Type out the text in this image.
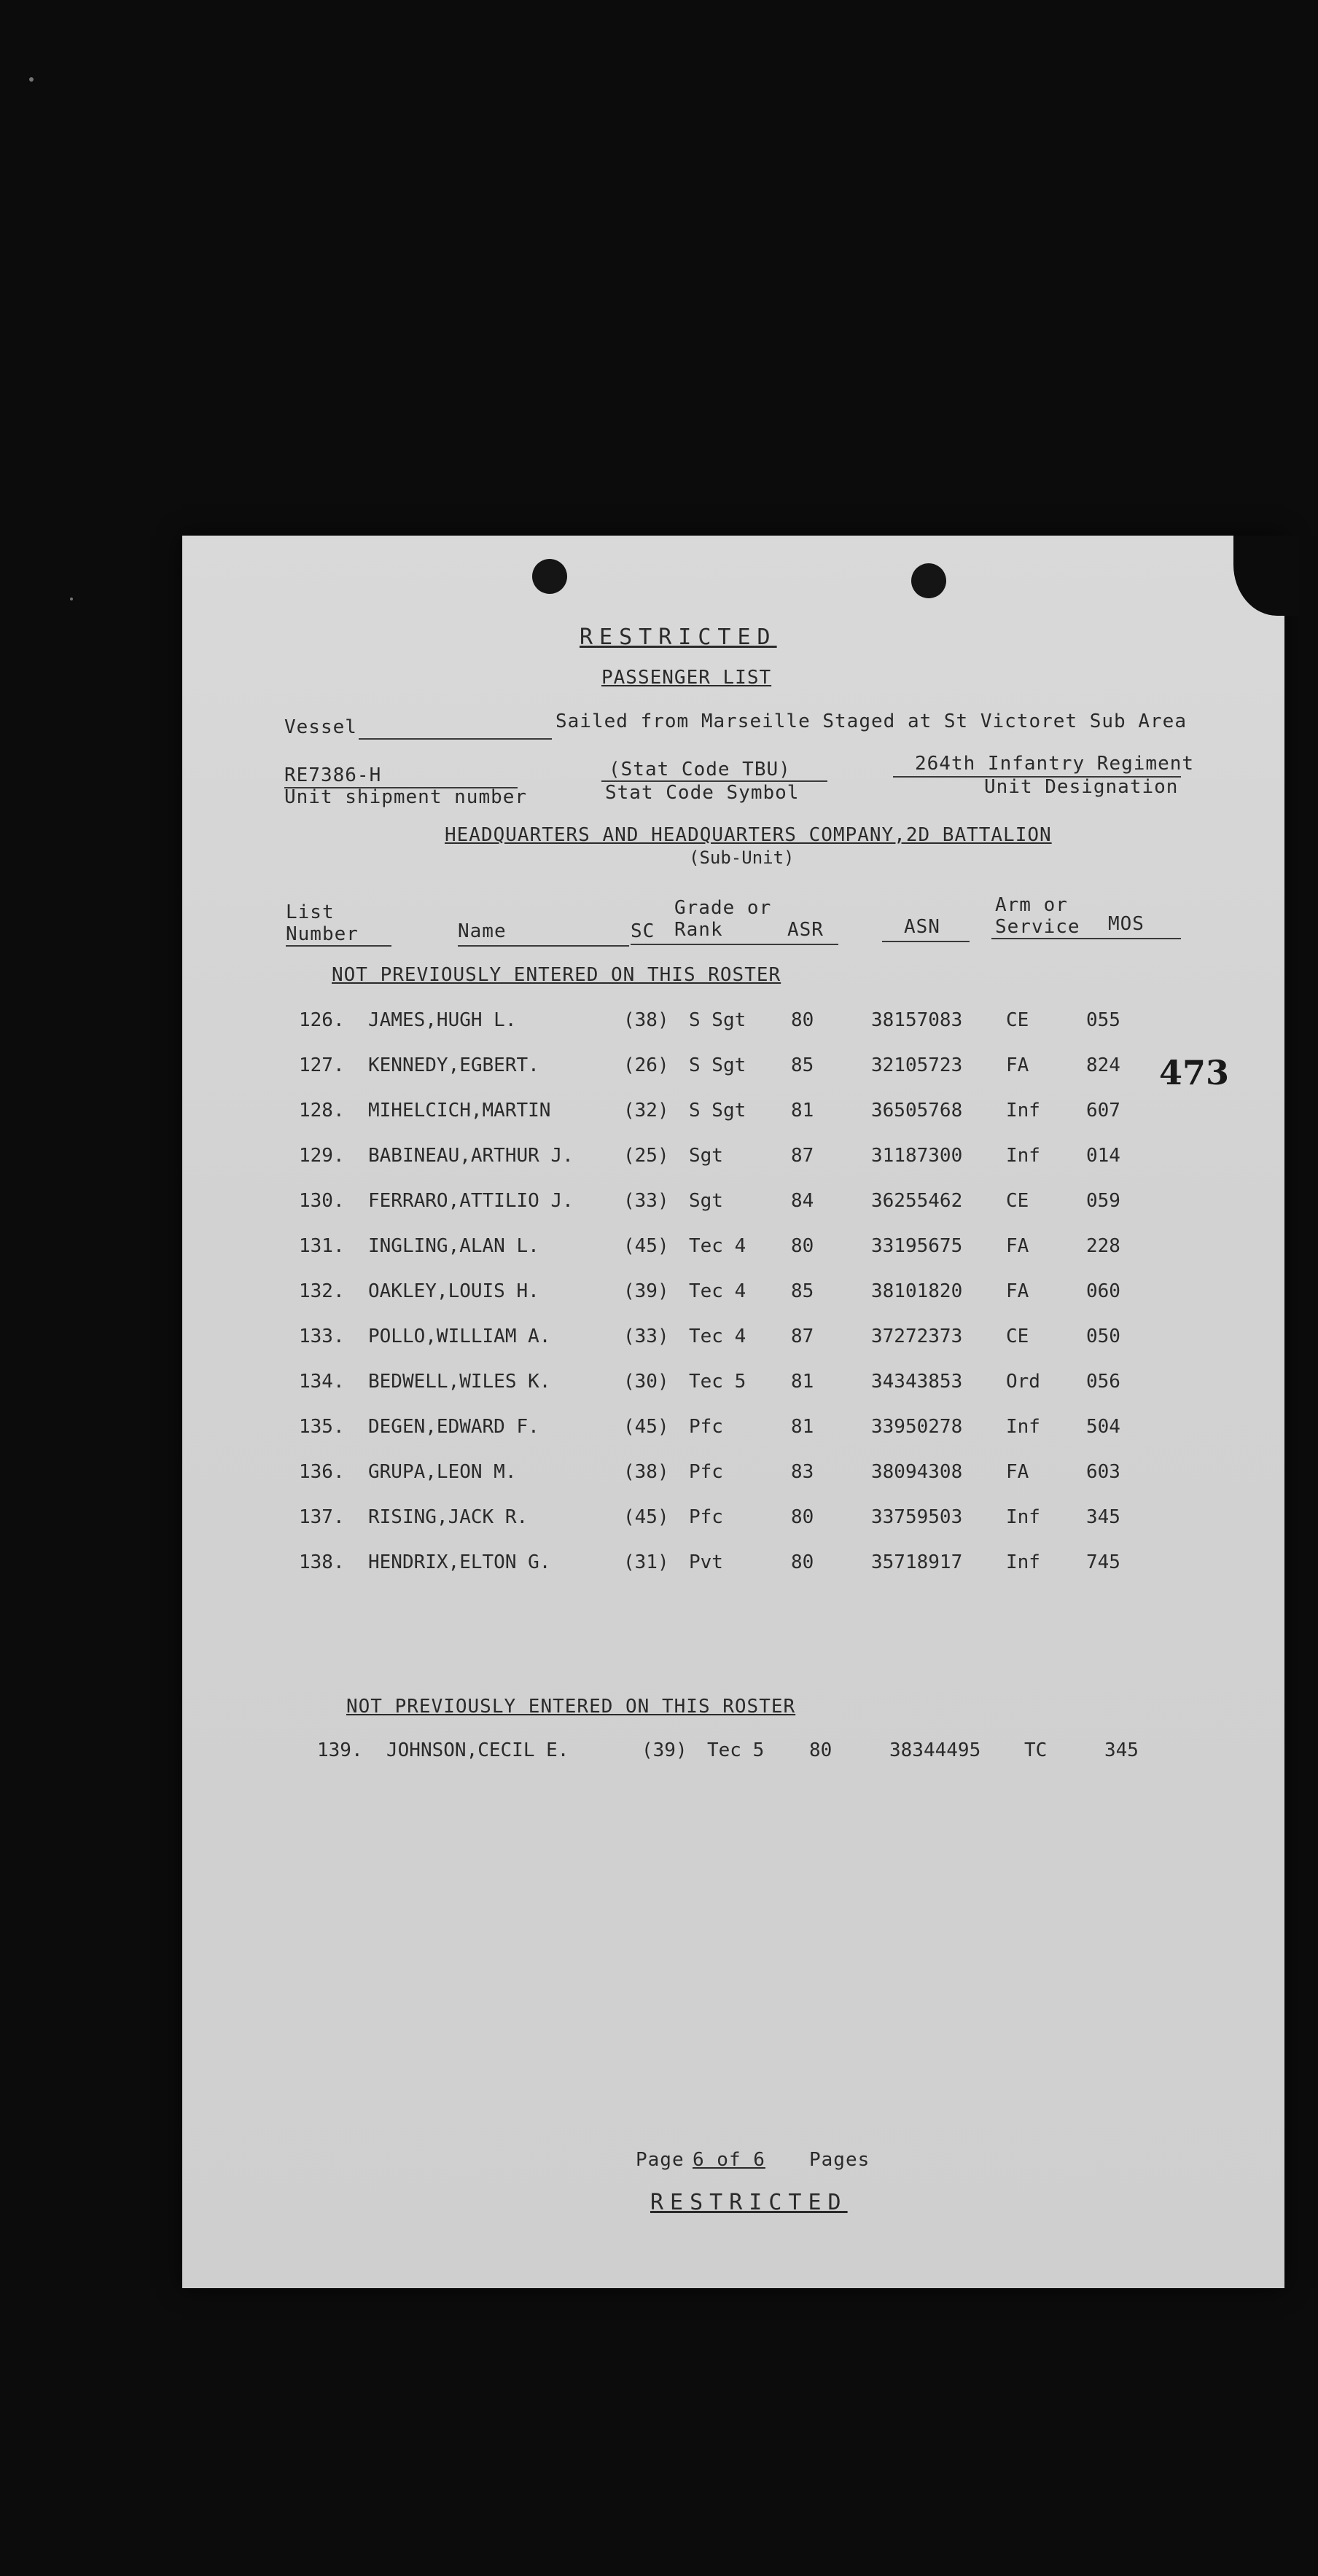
RESTRICTED
PASSENGER LIST
Vessel	Sailed from Marseille Staged at St Victoret Sub Area
RE7386-H
Unit shipment number
(Stat Code TBU)
Stat Code Symbol
264th Infantry Regiment
Unit Designation
HEADQUARTERS AND HEADQUARTERS COMPANY,2D BATTALION
(Sub-Unit)
List
Number	Name	SC
Grade or
Rank	ASR	ASN
Arm or
Service MOS
NOT PREVIOUSLY ENTERED ON THIS ROSTER
126. JAMES,HUGH L.	(38) S Sgt 80	38157083 CE	055
127. KENNEDY,EGBERT.	(26) S Sgt 85	32105723 FA	824
128. MIHELCICH,MARTIN	(32) S Sgt 81	36505768 Inf 607
129. BABINEAU,ARTHUR J.	(25) Sgt	87	31187300 Inf 014
130. FERRARO,ATTILIO J.	(33) Sgt	84	36255462 CE	059
131. INGLING,ALAN L.	(45) Tec 4 80	33195675 FA	228
132. OAKLEY,LOUIS H.	(39) Tec 4 85	38101820 FA	060
133. POLLO,WILLIAM A.	(33) Tec 4 87	37272373 CE	050
134. BEDWELL,WILES K.	(30) Tec 5 81	34343853 Ord 056
135. DEGEN,EDWARD F.	(45) Pfc	81	33950278 Inf 504
136. GRUPA,LEON M.	(38) Pfc	83	38094308 FA	603
137. RISING,JACK R.	(45) Pfc	80	33759503 Inf 345
138. HENDRIX,ELTON G.	(31) Pvt	80	35718917 Inf 745
NOT PREVIOUSLY ENTERED ON THIS ROSTER
139. JOHNSON,CECIL E.	(39) Tec 5 80	38344495 TC	345
473
Page 6 of 6 Pages
RESTRICTED
